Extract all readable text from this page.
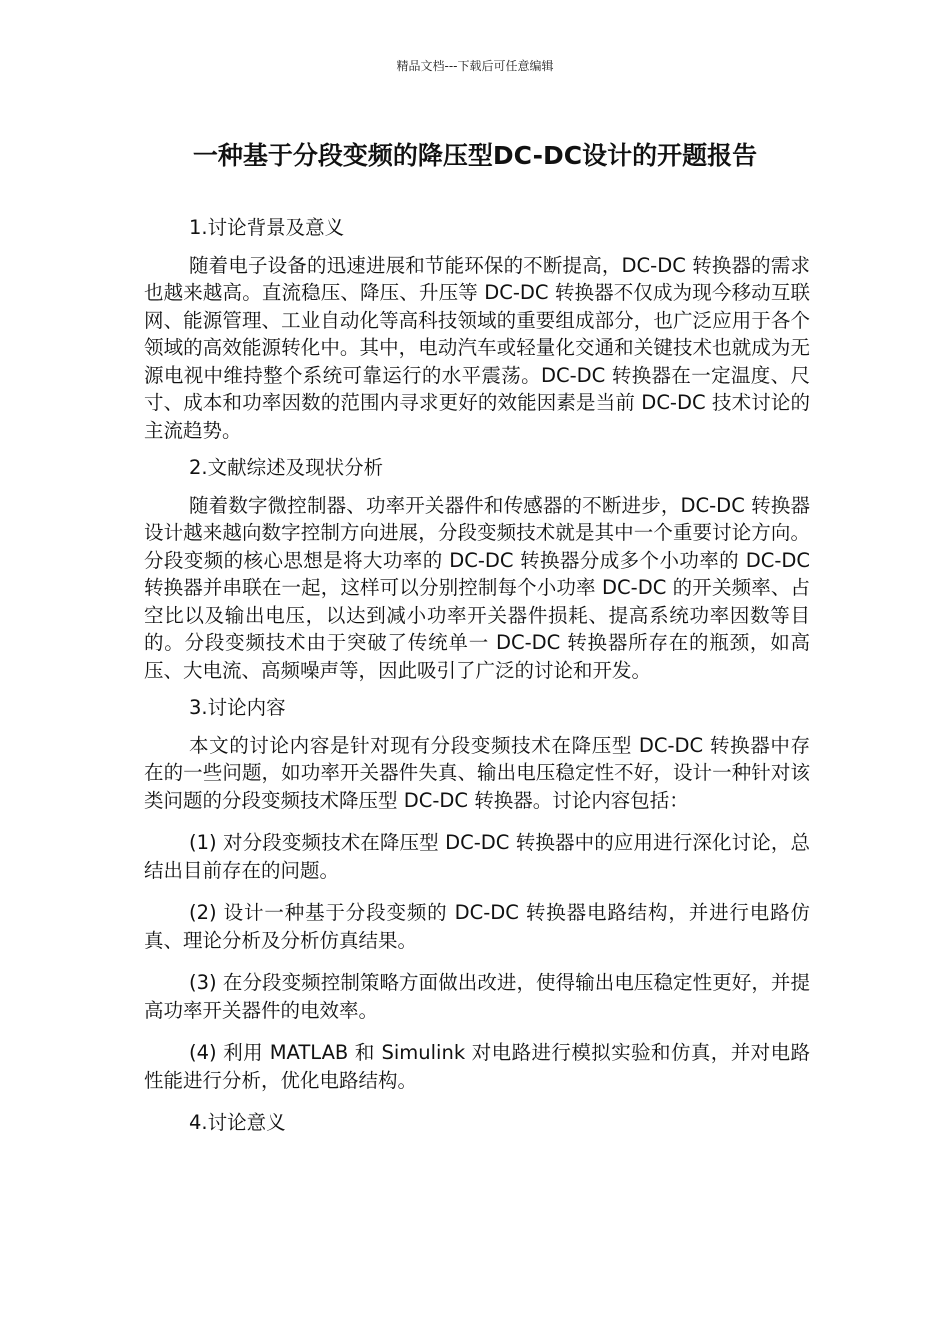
精品文档---下载后可任意编辑
一种基于分段变频的降压型DC-DC设计的开题报告

1.讨论背景及意义

随着电子设备的迅速进展和节能环保的不断提高，DC-DC 转换器的需求也越来越高。直流稳压、降压、升压等 DC-DC 转换器不仅成为现今移动互联网、能源管理、工业自动化等高科技领域的重要组成部分，也广泛应用于各个领域的高效能源转化中。其中，电动汽车或轻量化交通和关键技术也就成为无源电视中维持整个系统可靠运行的水平震荡。DC-DC 转换器在一定温度、尺寸、成本和功率因数的范围内寻求更好的效能因素是当前 DC-DC 技术讨论的主流趋势。

2.文献综述及现状分析

随着数字微控制器、功率开关器件和传感器的不断进步，DC-DC 转换器设计越来越向数字控制方向进展，分段变频技术就是其中一个重要讨论方向。分段变频的核心思想是将大功率的 DC-DC 转换器分成多个小功率的 DC-DC 转换器并串联在一起，这样可以分别控制每个小功率 DC-DC 的开关频率、占空比以及输出电压，以达到减小功率开关器件损耗、提高系统功率因数等目的。分段变频技术由于突破了传统单一 DC-DC 转换器所存在的瓶颈，如高压、大电流、高频噪声等，因此吸引了广泛的讨论和开发。

3.讨论内容

本文的讨论内容是针对现有分段变频技术在降压型 DC-DC 转换器中存在的一些问题，如功率开关器件失真、输出电压稳定性不好，设计一种针对该类问题的分段变频技术降压型 DC-DC 转换器。讨论内容包括：

(1) 对分段变频技术在降压型 DC-DC 转换器中的应用进行深化讨论，总结出目前存在的问题。

(2) 设计一种基于分段变频的 DC-DC 转换器电路结构，并进行电路仿真、理论分析及分析仿真结果。

(3) 在分段变频控制策略方面做出改进，使得输出电压稳定性更好，并提高功率开关器件的电效率。

(4) 利用 MATLAB 和 Simulink 对电路进行模拟实验和仿真，并对电路性能进行分析，优化电路结构。

4.讨论意义
